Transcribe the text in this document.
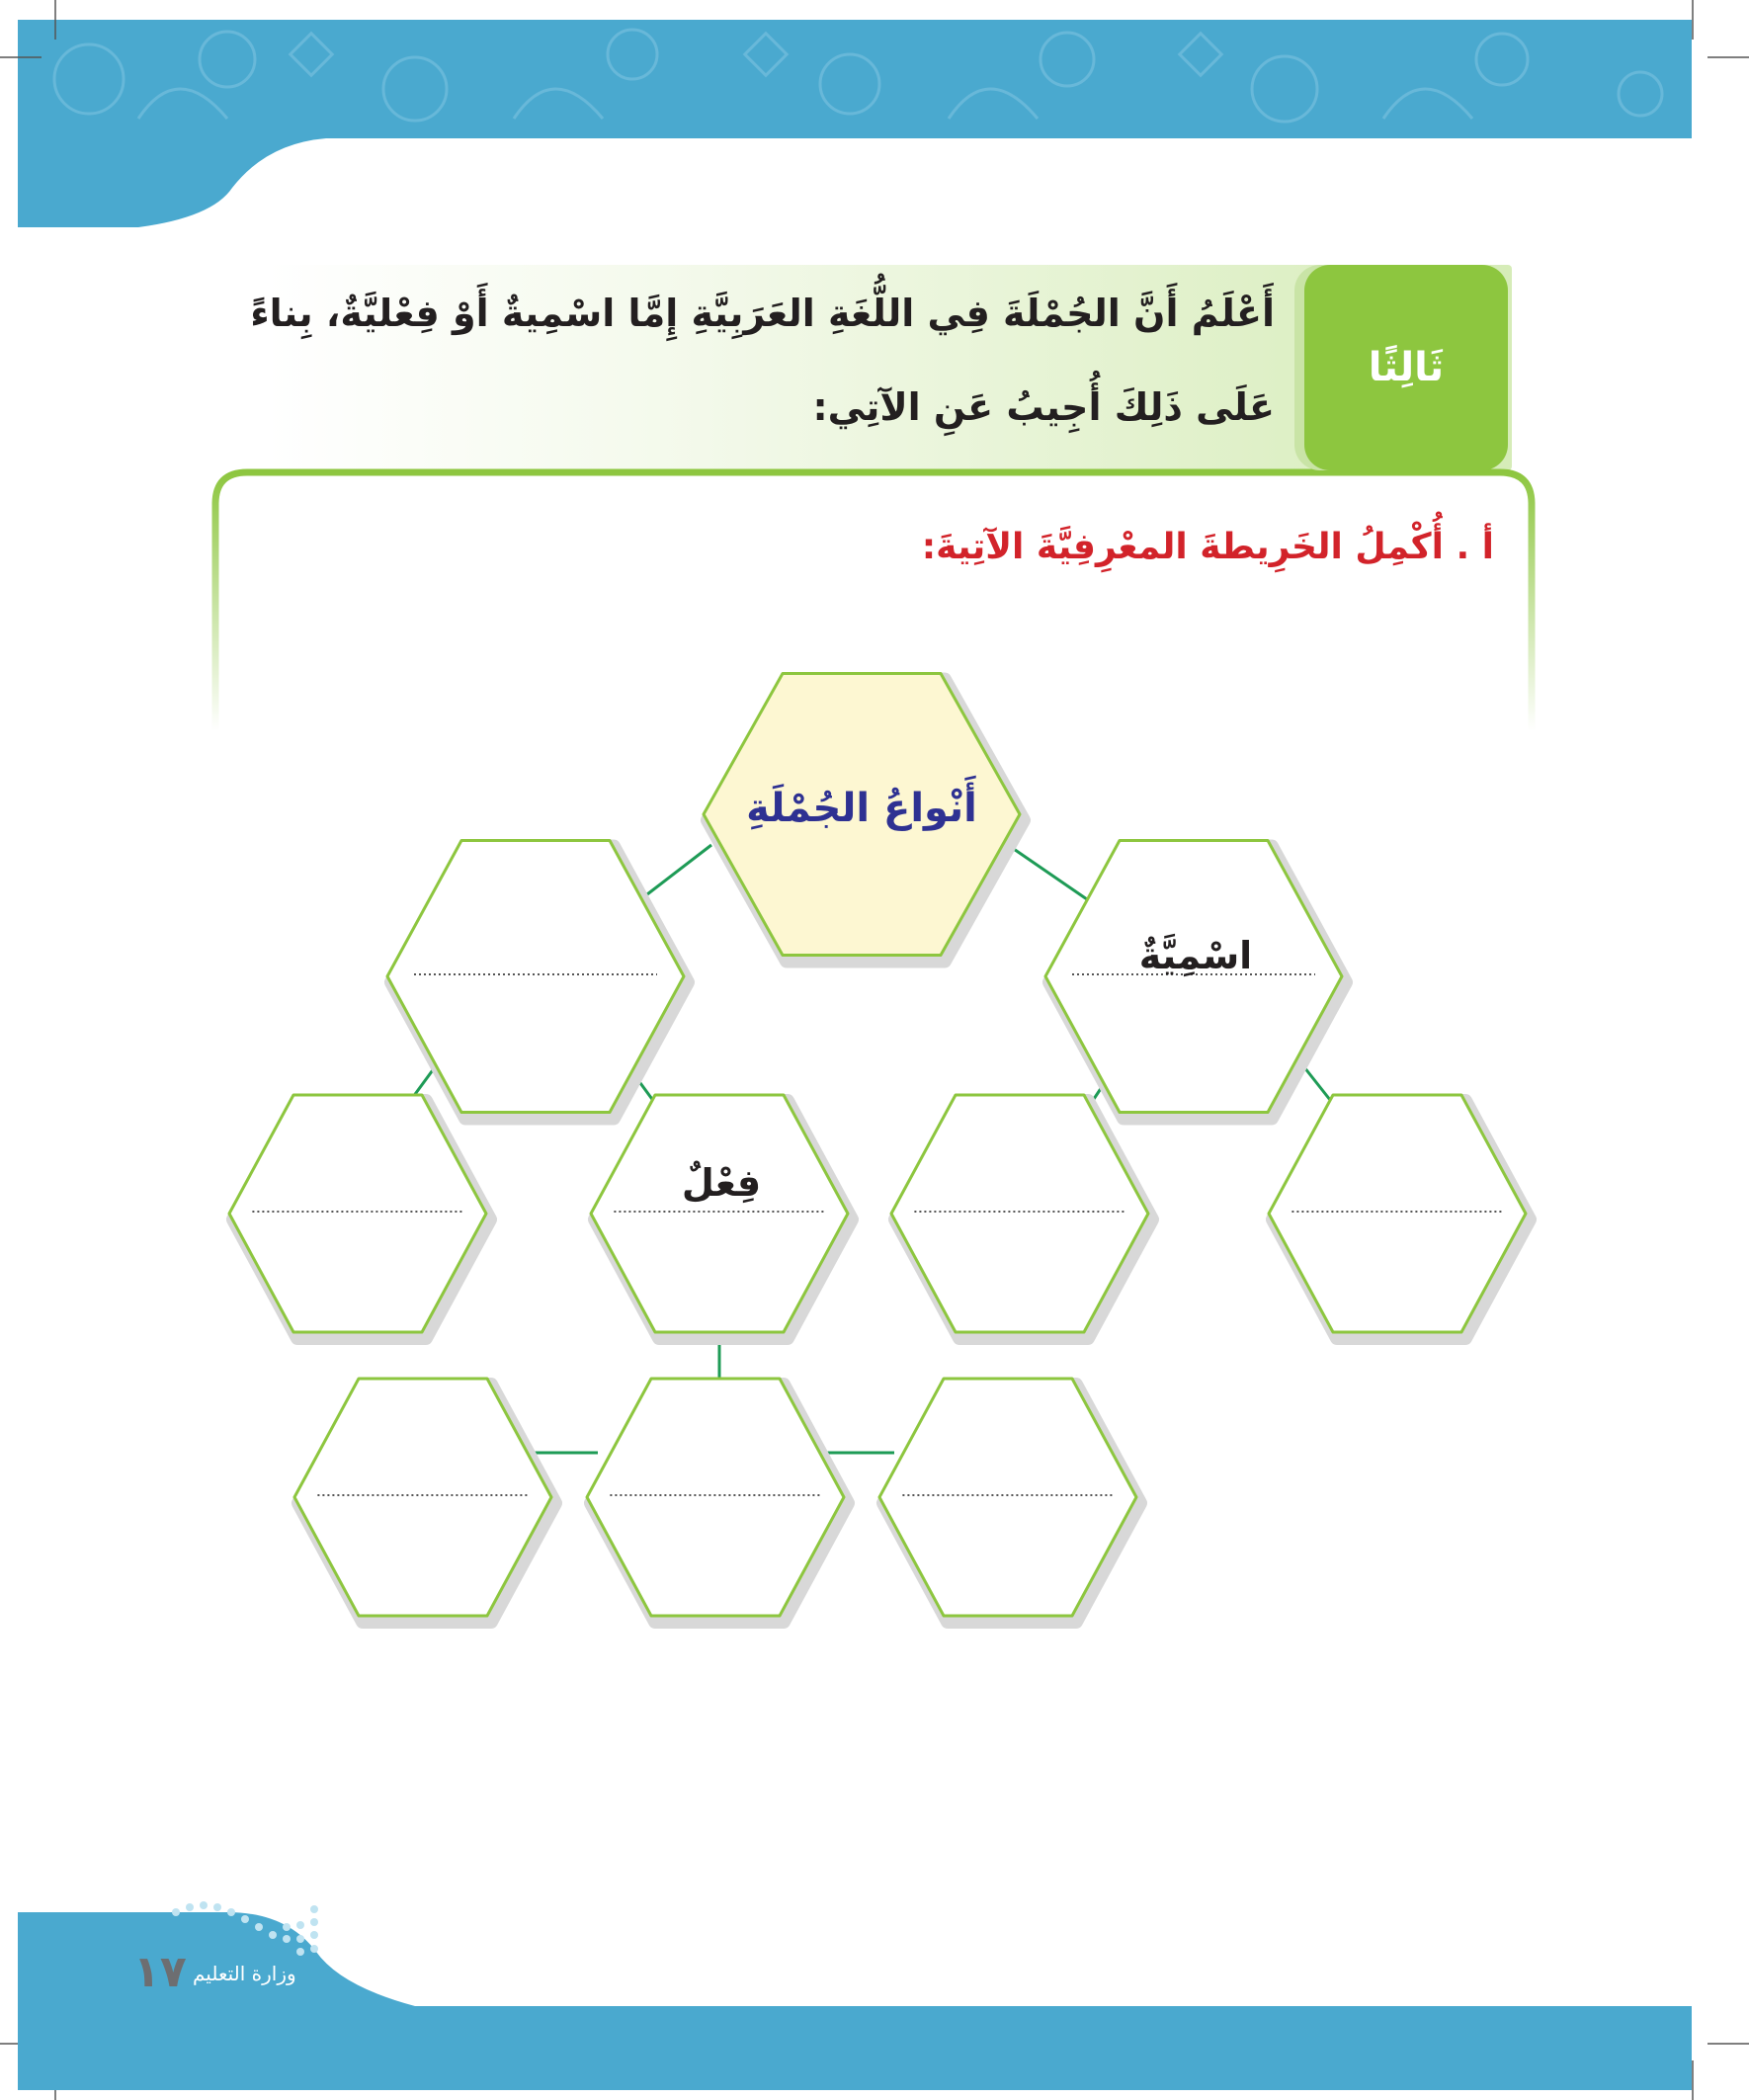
ثَالِثًا
أَعْلَمُ أَنَّ الجُمْلَةَ فِي اللُّغَةِ العَرَبِيَّةِ إِمَّا اسْمِيةٌ أَوْ فِعْليَّةٌ، بِناءً
عَلَى ذَلِكَ أُجِيبُ عَنِ الآتِي:
أ . أُكْمِلُ الخَرِيطةَ المعْرِفِيَّةَ الآتِيةَ:
أَنْواعُ الجُمْلَةِ
اسْمِيَّةٌ
فِعْلٌ
١٧ وزارة التعليم
